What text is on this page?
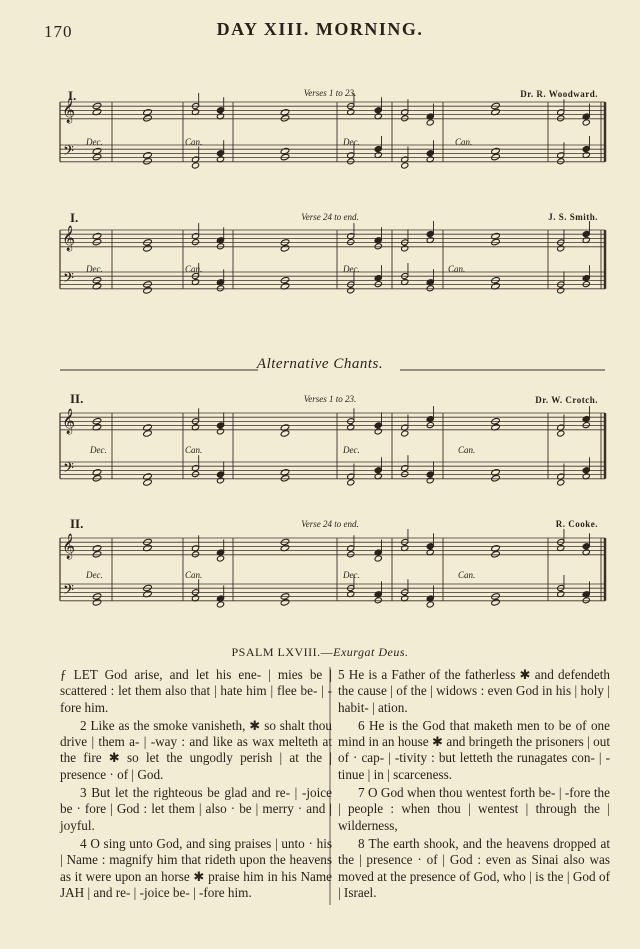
170	DAY XIII. MORNING.
I.	Verses 1 to 23.	Dr. R. Woodward.
Dec.	Can.	Dec.	Can.
I.	Verse 24 to end.	J. S. Smith.
Dec.	Can.	Dec.	Can.
Alternative Chants.
II.	Verses 1 to 23.	Dr. W. Crotch.
Dec.	Can.	Dec.	Can.
II.	Verse 24 to end.	R. Cooke.
Dec.	Can.	Dec.	Can.
𝄞
𝄢
𝄞
𝄢
𝄞
𝄢
𝄞
𝄢
PSALM LXVIII.—Exurgat Deus.

ƒ LET God arise, and let his ene- | mies be | scattered : let them also that | hate him | flee be- | -fore him.

2 Like as the smoke vanisheth, ✱ so shalt thou drive | them a- | -way : and like as wax melteth at the fire ✱ so let the ungodly perish | at the | presence · of | God.

3 But let the righteous be glad and re- | -joice be · fore | God : let them | also · be | merry · and | joyful.

4 O sing unto God, and sing praises | unto · his | Name : magnify him that rideth upon the heavens as it were upon an horse ✱ praise him in his Name JAH | and re- | -joice be- | -fore him.

5 He is a Father of the fatherless ✱ and defendeth the cause | of the | widows : even God in his | holy | habit- | ation.

6 He is the God that maketh men to be of one mind in an house ✱ and bringeth the prisoners | out of · cap- | -tivity : but letteth the runagates con- | -tinue | in | scarceness.

7 O God when thou wentest forth be- | -fore the | people : when thou | wentest | through the | wilderness,

8 The earth shook, and the heavens dropped at the | presence · of | God : even as Sinai also was moved at the presence of God, who | is the | God of | Israel.
